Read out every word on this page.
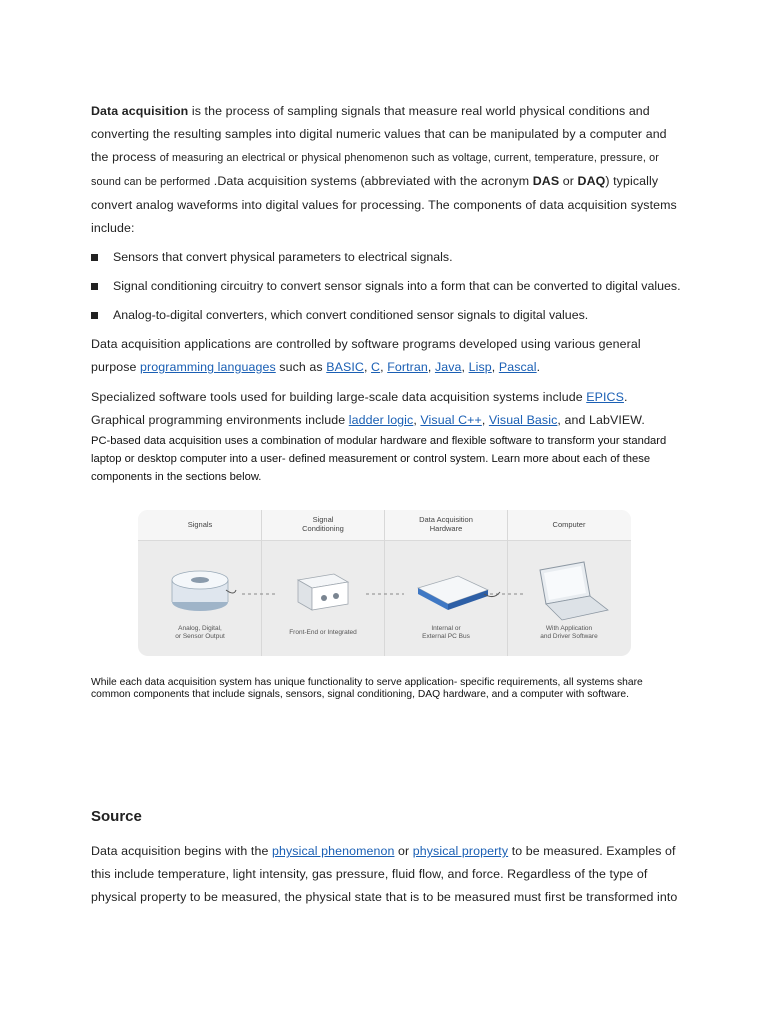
Data acquisition is the process of sampling signals that measure real world physical conditions and converting the resulting samples into digital numeric values that can be manipulated by a computer and the process of measuring an electrical or physical phenomenon such as voltage, current, temperature, pressure, or sound can be performed .Data acquisition systems (abbreviated with the acronym DAS or DAQ) typically convert analog waveforms into digital values for processing. The components of data acquisition systems include:

Sensors that convert physical parameters to electrical signals.
Signal conditioning circuitry to convert sensor signals into a form that can be converted to digital values.
Analog-to-digital converters, which convert conditioned sensor signals to digital values.

Data acquisition applications are controlled by software programs developed using various general purpose programming languages such as BASIC, C, Fortran, Java, Lisp, Pascal.

Specialized software tools used for building large-scale data acquisition systems include EPICS. Graphical programming environments include ladder logic, Visual C++, Visual Basic, and LabVIEW.

PC-based data acquisition uses a combination of modular hardware and flexible software to transform your standard laptop or desktop computer into a user- defined measurement or control system. Learn more about each of these components in the sections below.

Signals
Signal
Conditioning
Data Acquisition
Hardware	Computer
Analog, Digital,
or Sensor Output
Front-End or Integrated
Internal or
External PC Bus
With Application
and Driver Software
While each data acquisition system has unique functionality to serve application- specific requirements, all systems share common components that include signals, sensors, signal conditioning, DAQ hardware, and a computer with software.
Source

Data acquisition begins with the physical phenomenon or physical property to be measured. Examples of this include temperature, light intensity, gas pressure, fluid flow, and force. Regardless of the type of physical property to be measured, the physical state that is to be measured must first be transformed into
